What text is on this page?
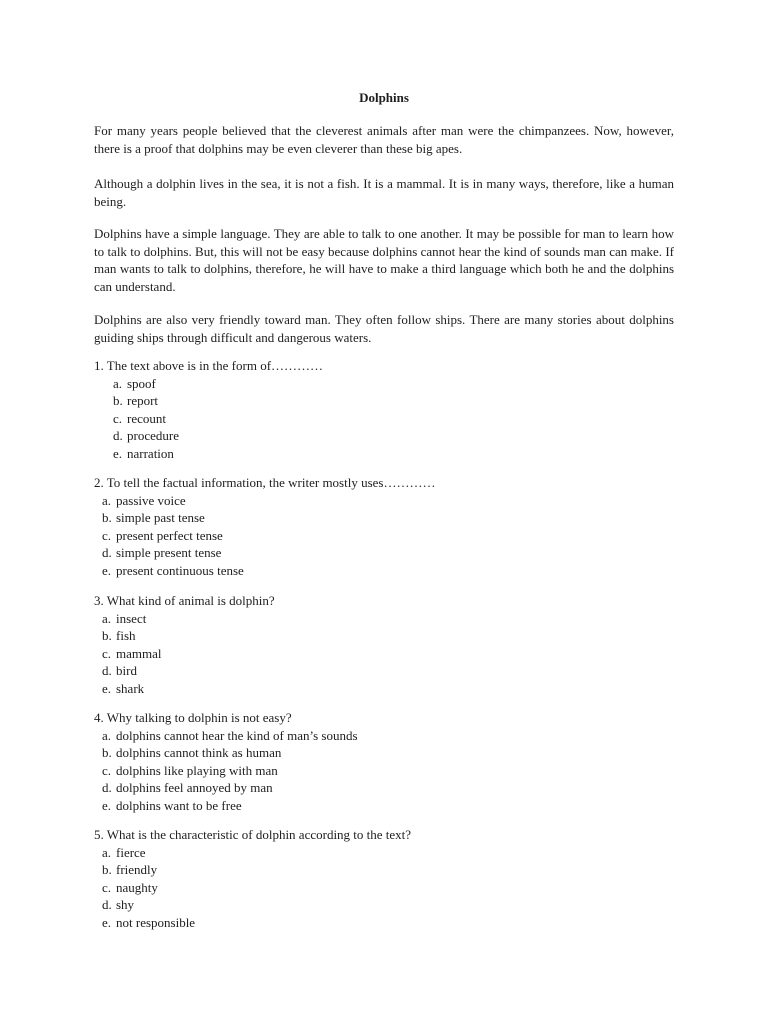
Dolphins

For many years people believed that the cleverest animals after man were the chimpanzees. Now, however, there is a proof that dolphins may be even cleverer than these big apes.

Although a dolphin lives in the sea, it is not a fish. It is a mammal. It is in many ways, therefore, like a human being.

Dolphins have a simple language. They are able to talk to one another. It may be possible for man to learn how to talk to dolphins. But, this will not be easy because dolphins cannot hear the kind of sounds man can make. If man wants to talk to dolphins, therefore, he will have to make a third language which both he and the dolphins can understand.

Dolphins are also very friendly toward man. They often follow ships. There are many stories about dolphins guiding ships through difficult and dangerous waters.

1. The text above is in the form of…………
a. spoof
b. report
c. recount
d. procedure
e. narration
2. To tell the factual information, the writer mostly uses…………
a. passive voice
b. simple past tense
c. present perfect tense
d. simple present tense
e. present continuous tense
3. What kind of animal is dolphin?
a. insect
b. fish
c. mammal
d. bird
e. shark
4. Why talking to dolphin is not easy?
a. dolphins cannot hear the kind of man’s sounds
b. dolphins cannot think as human
c. dolphins like playing with man
d. dolphins feel annoyed by man
e. dolphins want to be free
5. What is the characteristic of dolphin according to the text?
a. fierce
b. friendly
c. naughty
d. shy
e. not responsible
